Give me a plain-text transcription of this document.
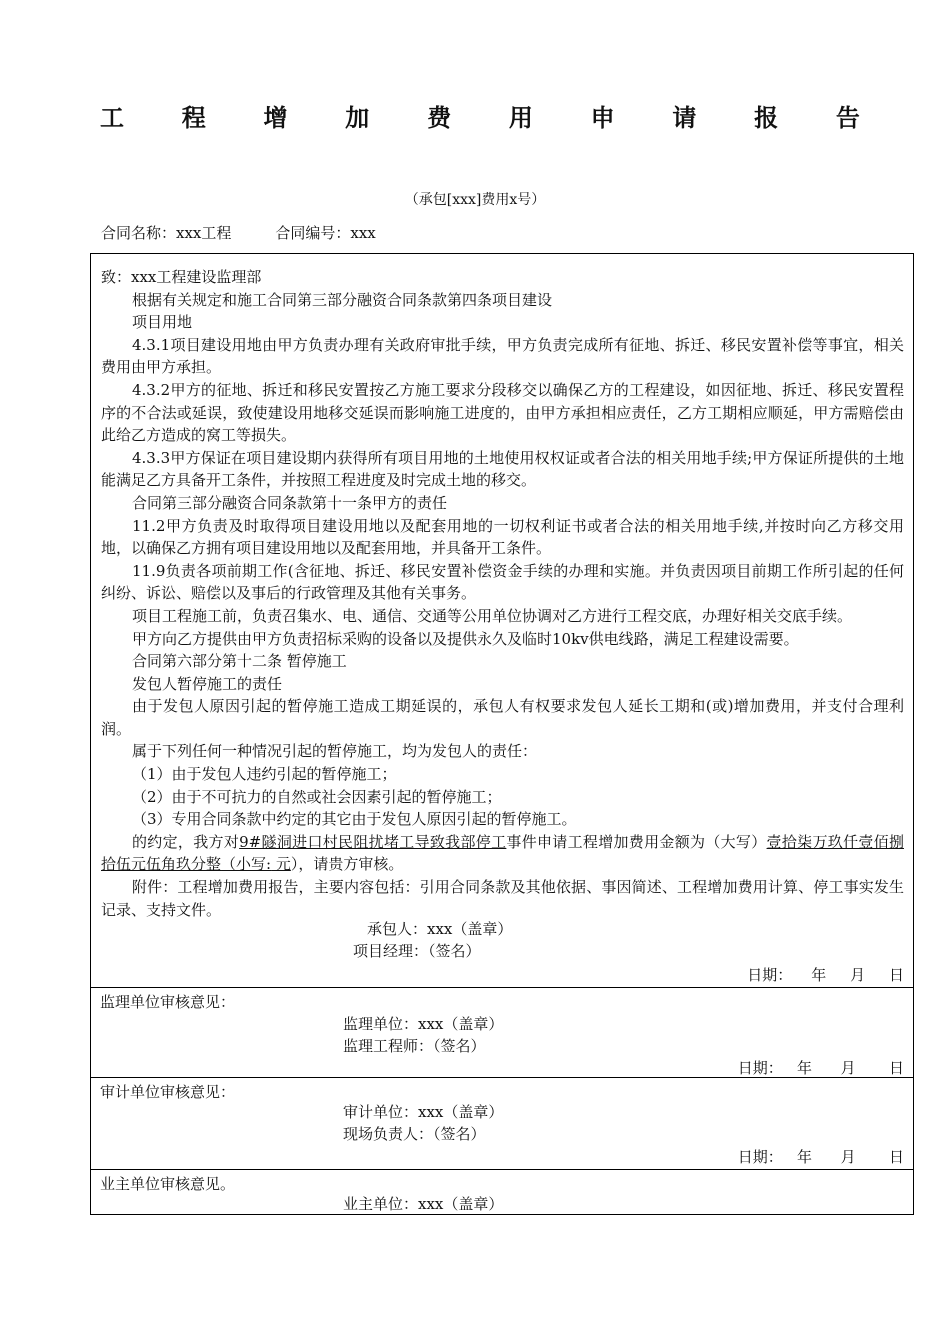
工 程 增 加 费 用 申 请 报 告
（承包[xxx]费用x号）
合同名称：xxx工程	合同编号：xxx

致：xxx工程建设监理部

根据有关规定和施工合同第三部分融资合同条款第四条项目建设

项目用地

4.3.1项目建设用地由甲方负责办理有关政府审批手续，甲方负责完成所有征地、拆迁、移民安置补偿等事宜，相关费用由甲方承担。

4.3.2甲方的征地、拆迁和移民安置按乙方施工要求分段移交以确保乙方的工程建设，如因征地、拆迁、移民安置程序的不合法或延误，致使建设用地移交延误而影响施工进度的，由甲方承担相应责任，乙方工期相应顺延，甲方需赔偿由此给乙方造成的窝工等损失。

4.3.3甲方保证在项目建设期内获得所有项目用地的土地使用权权证或者合法的相关用地手续;甲方保证所提供的土地能满足乙方具备开工条件，并按照工程进度及时完成土地的移交。

合同第三部分融资合同条款第十一条甲方的责任

11.2甲方负责及时取得项目建设用地以及配套用地的一切权利证书或者合法的相关用地手续,并按时向乙方移交用地，以确保乙方拥有项目建设用地以及配套用地，并具备开工条件。

11.9负责各项前期工作(含征地、拆迁、移民安置补偿资金手续的办理和实施。并负责因项目前期工作所引起的任何纠纷、诉讼、赔偿以及事后的行政管理及其他有关事务。

项目工程施工前，负责召集水、电、通信、交通等公用单位协调对乙方进行工程交底，办理好相关交底手续。

甲方向乙方提供由甲方负责招标采购的设备以及提供永久及临时10kv供电线路，满足工程建设需要。

合同第六部分第十二条 暂停施工

发包人暂停施工的责任

由于发包人原因引起的暂停施工造成工期延误的，承包人有权要求发包人延长工期和(或)增加费用，并支付合理利润。

属于下列任何一种情况引起的暂停施工，均为发包人的责任：

（1）由于发包人违约引起的暂停施工；

（2）由于不可抗力的自然或社会因素引起的暂停施工；

（3）专用合同条款中约定的其它由于发包人原因引起的暂停施工。

的约定，我方对9#隧洞进口村民阻扰堵工导致我部停工事件申请工程增加费用金额为（大写）壹拾柒万玖仟壹佰捌拾伍元伍角玖分整（小写: 元），请贵方审核。

附件：工程增加费用报告，主要内容包括：引用合同条款及其他依据、事因简述、工程增加费用计算、停工事实发生记录、支持文件。

承包人：xxx（盖章）
项目经理：（签名）
日期：    年     月     日
监理单位审核意见：
监理单位：xxx（盖章）
监理工程师：（签名）
日期：   年      月       日
审计单位审核意见：
审计单位：xxx（盖章）
现场负责人：（签名）
日期：   年      月       日
业主单位审核意见。
业主单位：xxx（盖章）
